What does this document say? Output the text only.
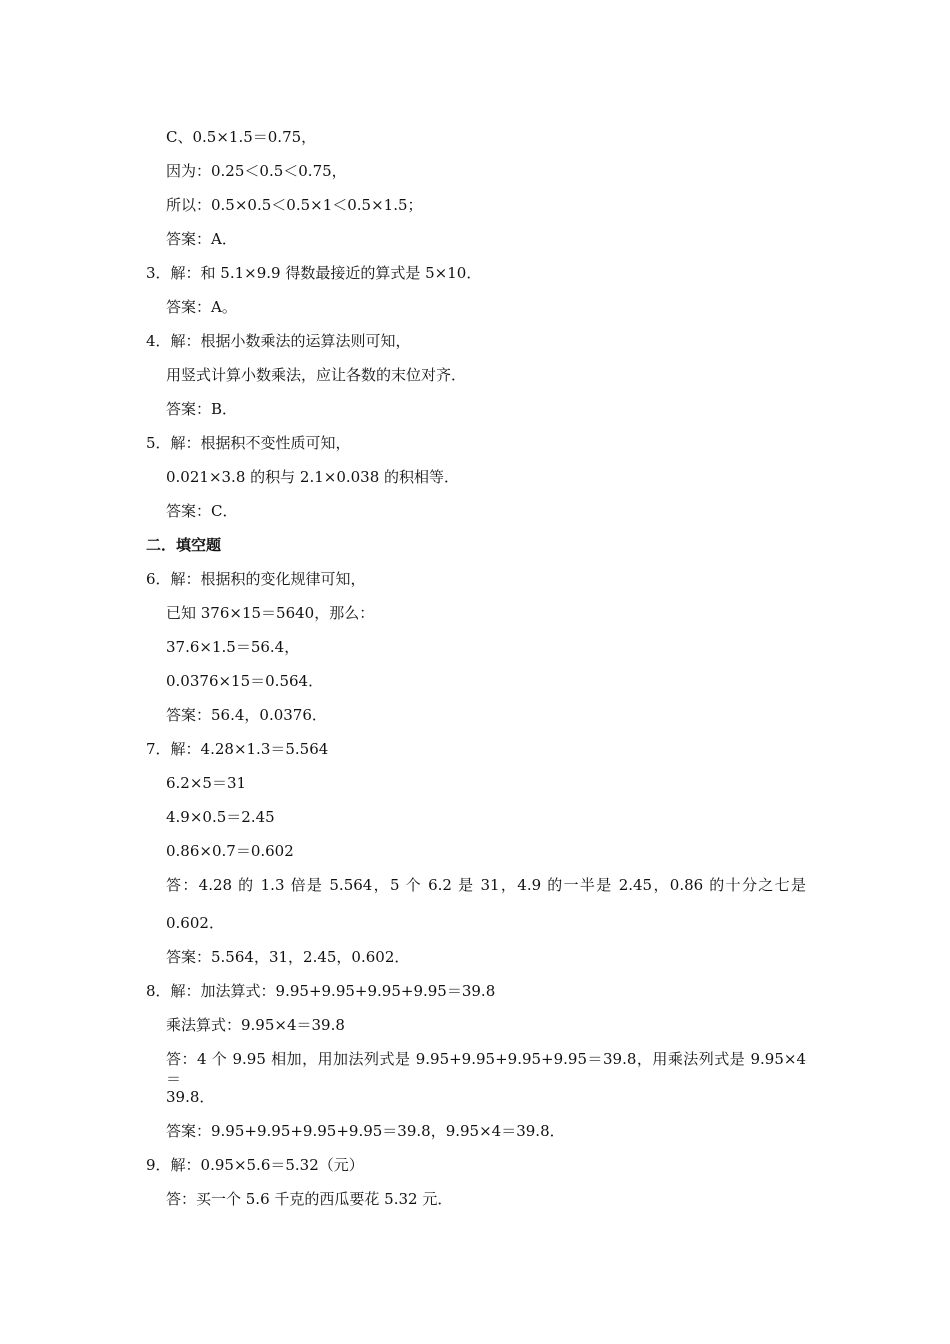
C、0.5×1.5＝0.75，
因为：0.25＜0.5＜0.75，
所以：0.5×0.5＜0.5×1＜0.5×1.5；
答案：A．
3．解：和 5.1×9.9 得数最接近的算式是 5×10．
答案：A。
4．解：根据小数乘法的运算法则可知，
用竖式计算小数乘法，应让各数的末位对齐．
答案：B．
5．解：根据积不变性质可知，
0.021×3.8 的积与 2.1×0.038 的积相等．
答案：C．
二．填空题
6．解：根据积的变化规律可知，
已知 376×15＝5640，那么：
37.6×1.5＝56.4，
0.0376×15＝0.564．
答案：56.4，0.0376．
7．解：4.28×1.3＝5.564
6.2×5＝31
4.9×0.5＝2.45
0.86×0.7＝0.602
答：4.28 的 1.3 倍是 5.564，5 个 6.2 是 31，4.9 的一半是 2.45，0.86 的十分之七是
0.602．
答案：5.564，31，2.45，0.602．
8．解：加法算式：9.95+9.95+9.95+9.95＝39.8
乘法算式：9.95×4＝39.8
答：4 个 9.95 相加，用加法列式是 9.95+9.95+9.95+9.95＝39.8，用乘法列式是 9.95×4＝
39.8．
答案：9.95+9.95+9.95+9.95＝39.8，9.95×4＝39.8．
9．解：0.95×5.6＝5.32（元）
答：买一个 5.6 千克的西瓜要花 5.32 元．
